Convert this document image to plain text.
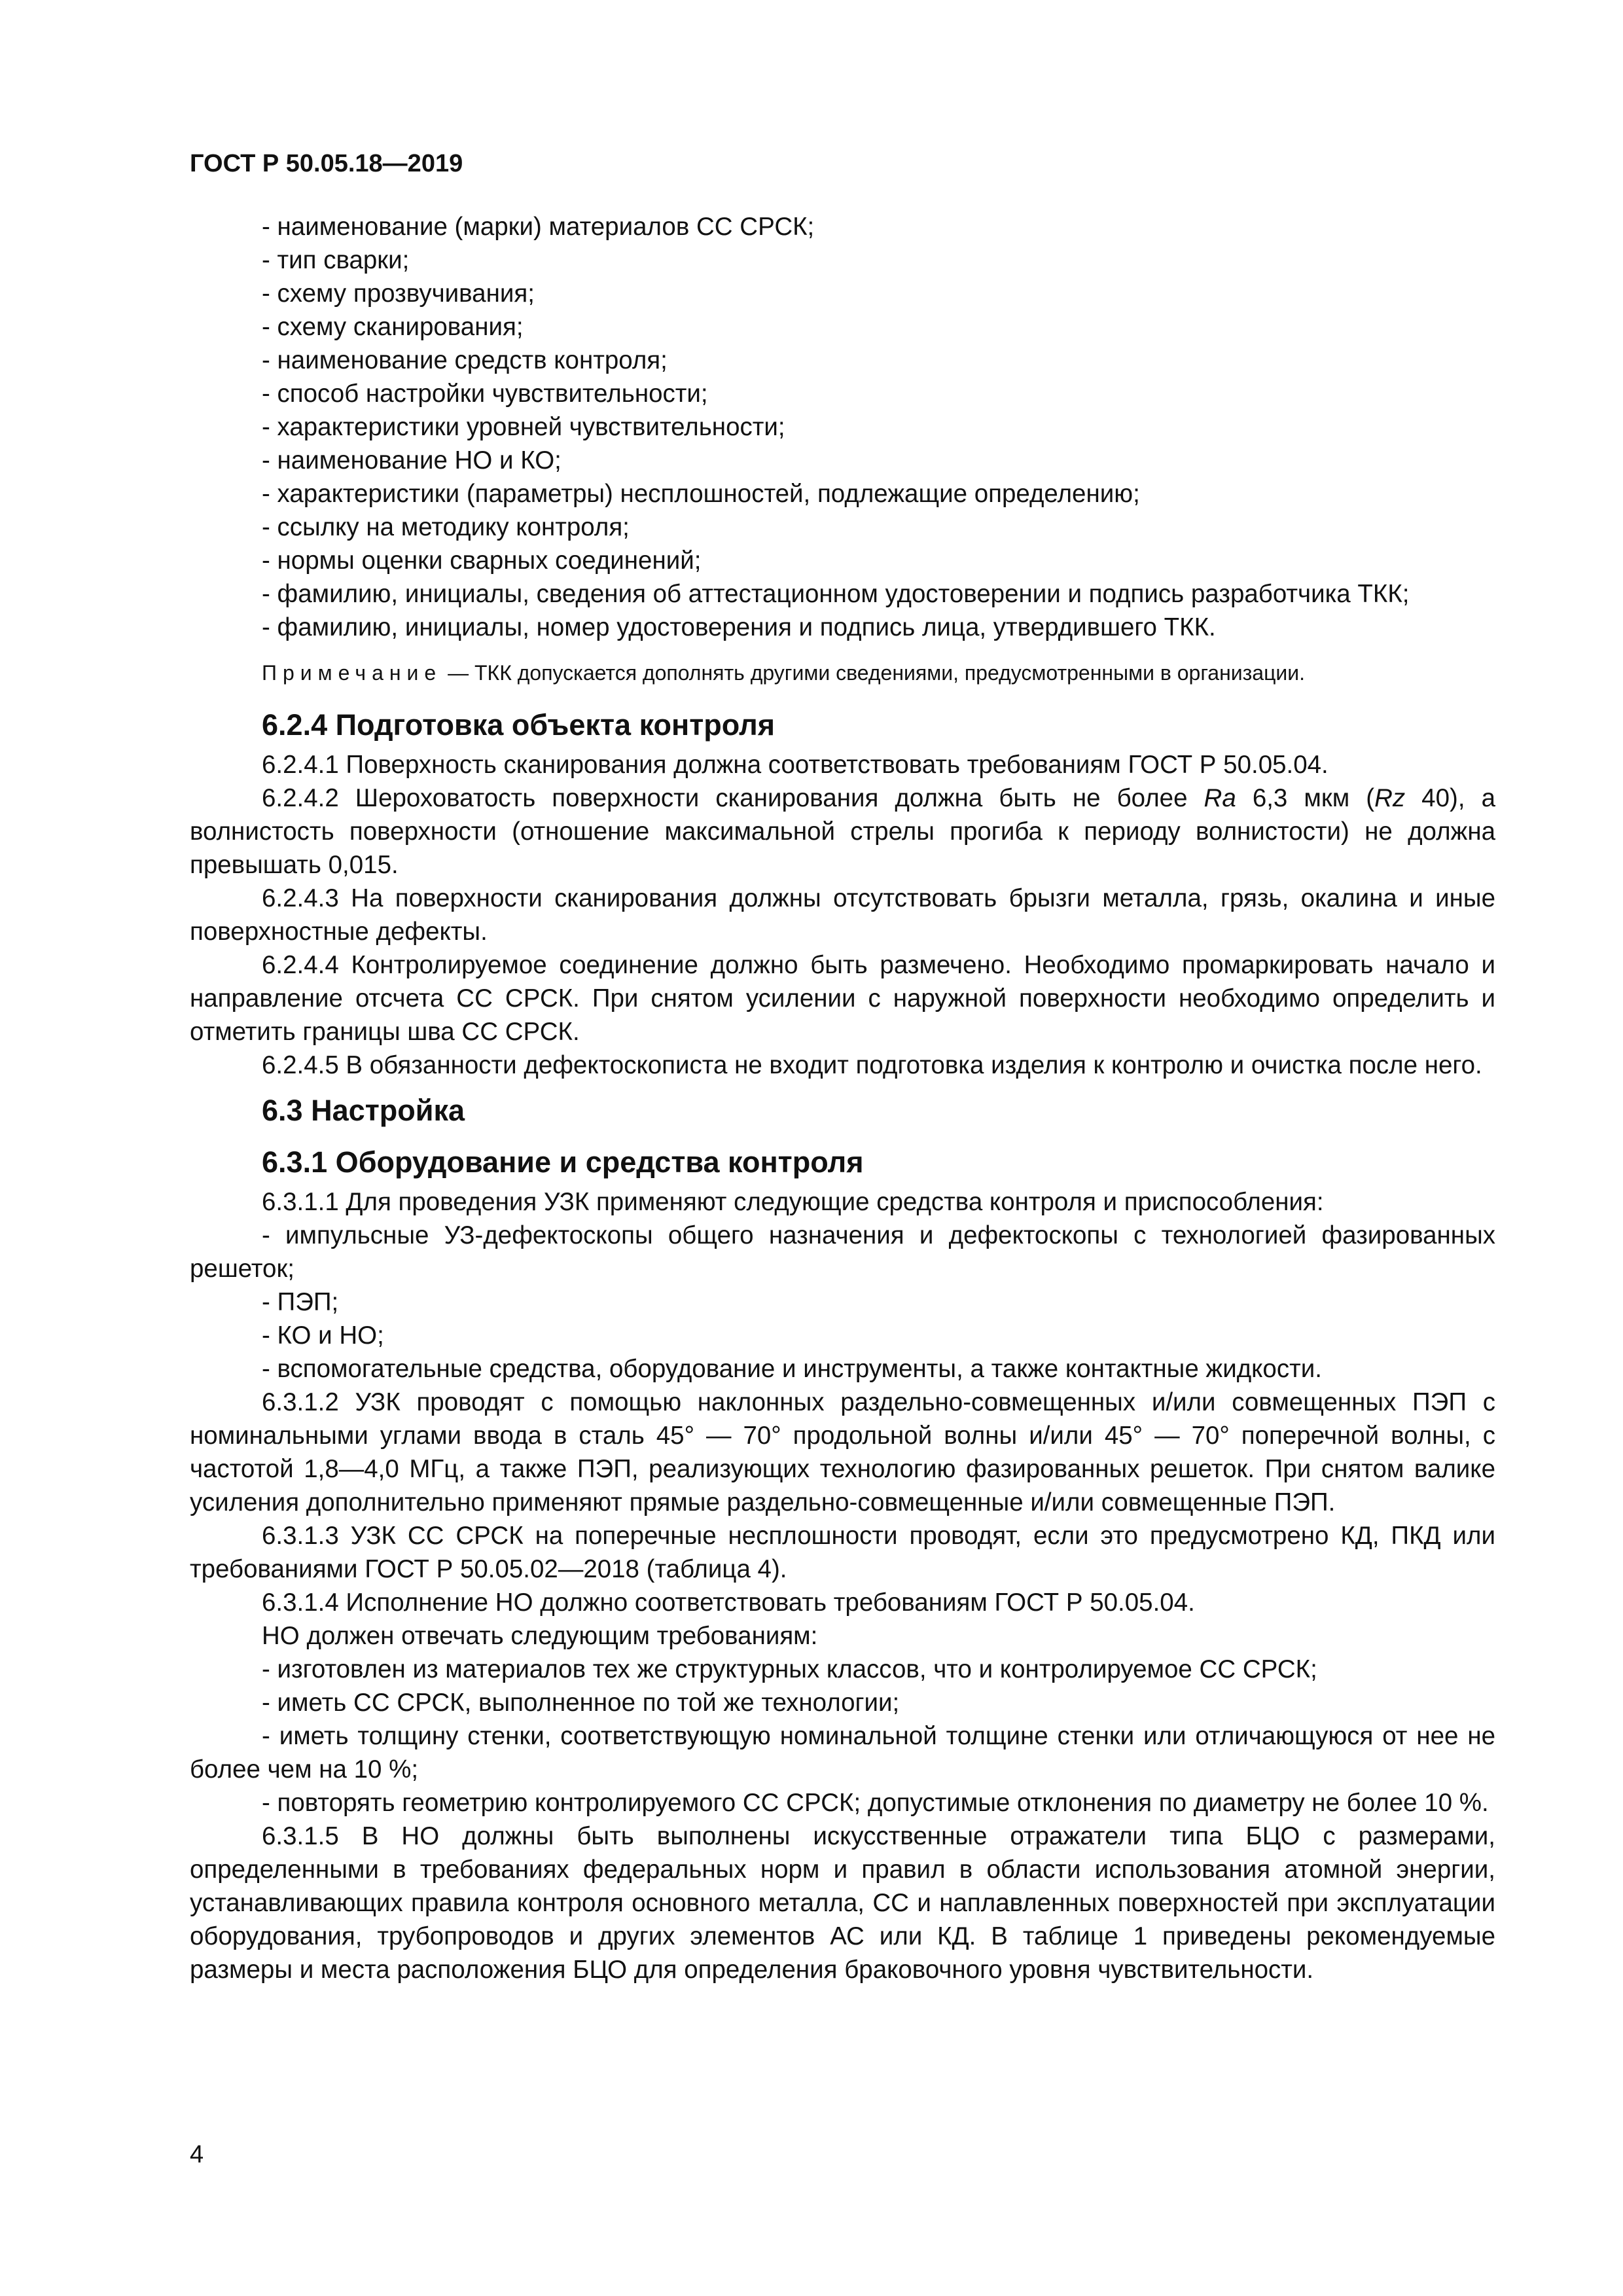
ГОСТ Р 50.05.18—2019

- наименование (марки) материалов СС СРСК;

- тип сварки;

- схему прозвучивания;

- схему сканирования;

- наименование средств контроля;

- способ настройки чувствительности;

- характеристики уровней чувствительности;

- наименование НО и КО;

- характеристики (параметры) несплошностей, подлежащие определению;

- ссылку на методику контроля;

- нормы оценки сварных соединений;

- фамилию, инициалы, сведения об аттестационном удостоверении и подпись разработчика ТКК;

- фамилию, инициалы, номер удостоверения и подпись лица, утвердившего ТКК.

Примечание — ТКК допускается дополнять другими сведениями, предусмотренными в организации.
6.2.4 Подготовка объекта контроля

6.2.4.1 Поверхность сканирования должна соответствовать требованиям ГОСТ Р 50.05.04.

6.2.4.2 Шероховатость поверхности сканирования должна быть не более Ra 6,3 мкм (Rz 40), а волнистость поверхности (отношение максимальной стрелы прогиба к периоду волнистости) не должна превышать 0,015.

6.2.4.3 На поверхности сканирования должны отсутствовать брызги металла, грязь, окалина и иные поверхностные дефекты.

6.2.4.4 Контролируемое соединение должно быть размечено. Необходимо промаркировать начало и направление отсчета СС СРСК. При снятом усилении с наружной поверхности необходимо определить и отметить границы шва СС СРСК.

6.2.4.5 В обязанности дефектоскописта не входит подготовка изделия к контролю и очистка после него.

6.3 Настройка
6.3.1 Оборудование и средства контроля

6.3.1.1 Для проведения УЗК применяют следующие средства контроля и приспособления:

- импульсные УЗ-дефектоскопы общего назначения и дефектоскопы с технологией фазированных решеток;

- ПЭП;

- КО и НО;

- вспомогательные средства, оборудование и инструменты, а также контактные жидкости.

6.3.1.2 УЗК проводят с помощью наклонных раздельно-совмещенных и/или совмещенных ПЭП с номинальными углами ввода в сталь 45° — 70° продольной волны и/или 45° — 70° поперечной волны, с частотой 1,8—4,0 МГц, а также ПЭП, реализующих технологию фазированных решеток. При снятом валике усиления дополнительно применяют прямые раздельно-совмещенные и/или совмещенные ПЭП.

6.3.1.3 УЗК СС СРСК на поперечные несплошности проводят, если это предусмотрено КД, ПКД или требованиями ГОСТ Р 50.05.02—2018 (таблица 4).

6.3.1.4 Исполнение НО должно соответствовать требованиям ГОСТ Р 50.05.04.

НО должен отвечать следующим требованиям:

- изготовлен из материалов тех же структурных классов, что и контролируемое СС СРСК;

- иметь СС СРСК, выполненное по той же технологии;

- иметь толщину стенки, соответствующую номинальной толщине стенки или отличающуюся от нее не более чем на 10 %;

- повторять геометрию контролируемого СС СРСК; допустимые отклонения по диаметру не более 10 %.

6.3.1.5 В НО должны быть выполнены искусственные отражатели типа БЦО с размерами, определенными в требованиях федеральных норм и правил в области использования атомной энергии, устанавливающих правила контроля основного металла, СС и наплавленных поверхностей при эксплуатации оборудования, трубопроводов и других элементов АС или КД. В таблице 1 приведены рекомендуемые размеры и места расположения БЦО для определения браковочного уровня чувствительности.

4
